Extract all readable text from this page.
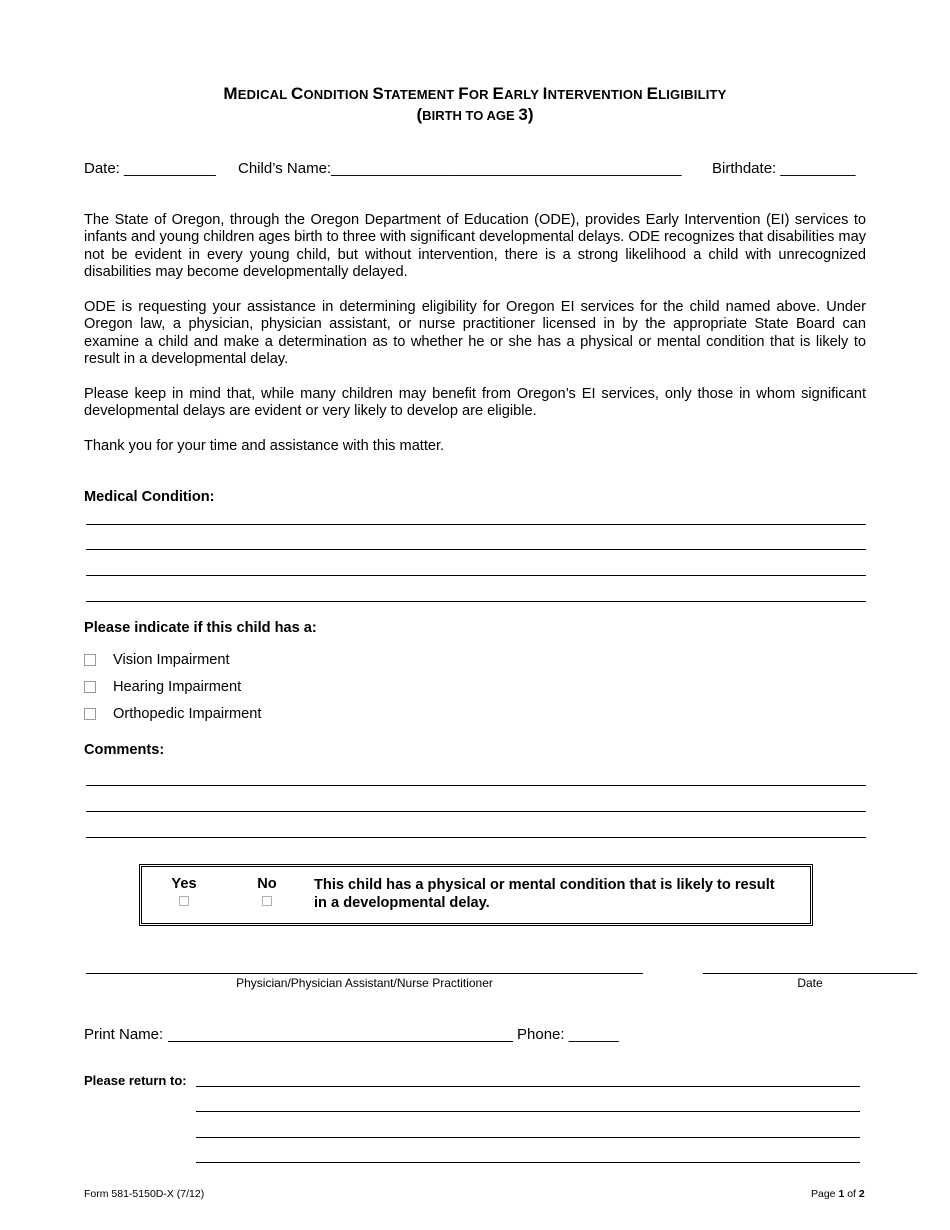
MEDICAL CONDITION STATEMENT FOR EARLY INTERVENTION ELIGIBILITY
(BIRTH TO AGE 3)
Date: ___________ Child’s Name:__________________________________________ Birthdate: _________
The State of Oregon, through the Oregon Department of Education (ODE), provides Early Intervention (EI) services to infants and young children ages birth to three with significant developmental delays. ODE recognizes that disabilities may not be evident in every young child, but without intervention, there is a strong likelihood a child with unrecognized disabilities may become developmentally delayed.
ODE is requesting your assistance in determining eligibility for Oregon EI services for the child named above. Under Oregon law, a physician, physician assistant, or nurse practitioner licensed in by the appropriate State Board can examine a child and make a determination as to whether he or she has a physical or mental condition that is likely to result in a developmental delay.
Please keep in mind that, while many children may benefit from Oregon’s EI services, only those in whom significant developmental delays are evident or very likely to develop are eligible.
Thank you for your time and assistance with this matter.
Medical Condition:
Please indicate if this child has a:
Vision Impairment
Hearing Impairment
Orthopedic Impairment
Comments:
Yes	No	This child has a physical or mental condition that is likely to result in a developmental delay.
Physician/Physician Assistant/Nurse Practitioner	Date
Print Name:	Phone: ______
Please return to:
Form 581-5150D-X (7/12)	Page 1 of 2
